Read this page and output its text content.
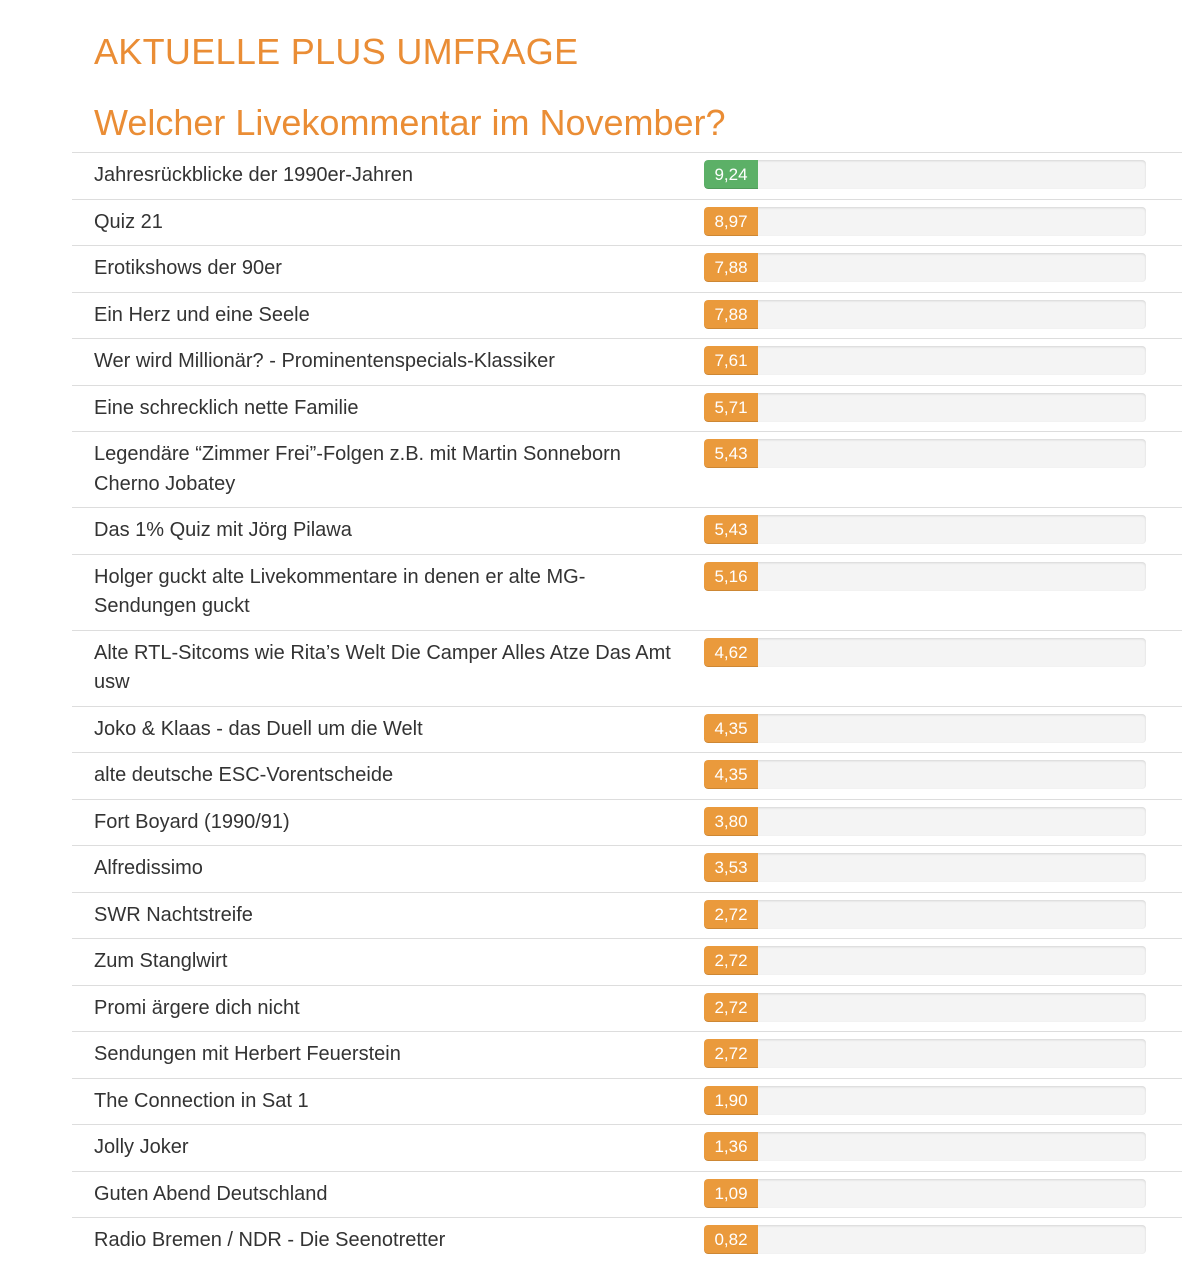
AKTUELLE PLUS UMFRAGE
Welcher Livekommentar im November?
Jahresrückblicke der 1990er-Jahren	9,24

Quiz 21	8,97

Erotikshows der 90er	7,88

Ein Herz und eine Seele	7,88

Wer wird Millionär? - Prominentenspecials-Klassiker	7,61

Eine schrecklich nette Familie	5,71

Legendäre “Zimmer Frei”-Folgen z.B. mit Martin Sonneborn Cherno Jobatey	5,43

Das 1% Quiz mit Jörg Pilawa	5,43

Holger guckt alte Livekommentare in denen er alte MG-Sendungen guckt	5,16

Alte RTL-Sitcoms wie Rita’s Welt Die Camper Alles Atze Das Amt usw	4,62

Joko & Klaas - das Duell um die Welt	4,35

alte deutsche ESC-Vorentscheide	4,35

Fort Boyard (1990/91)	3,80

Alfredissimo	3,53

SWR Nachtstreife	2,72

Zum Stanglwirt	2,72

Promi ärgere dich nicht	2,72

Sendungen mit Herbert Feuerstein	2,72

The Connection in Sat 1	1,90

Jolly Joker	1,36

Guten Abend Deutschland	1,09

Radio Bremen / NDR - Die Seenotretter	0,82
